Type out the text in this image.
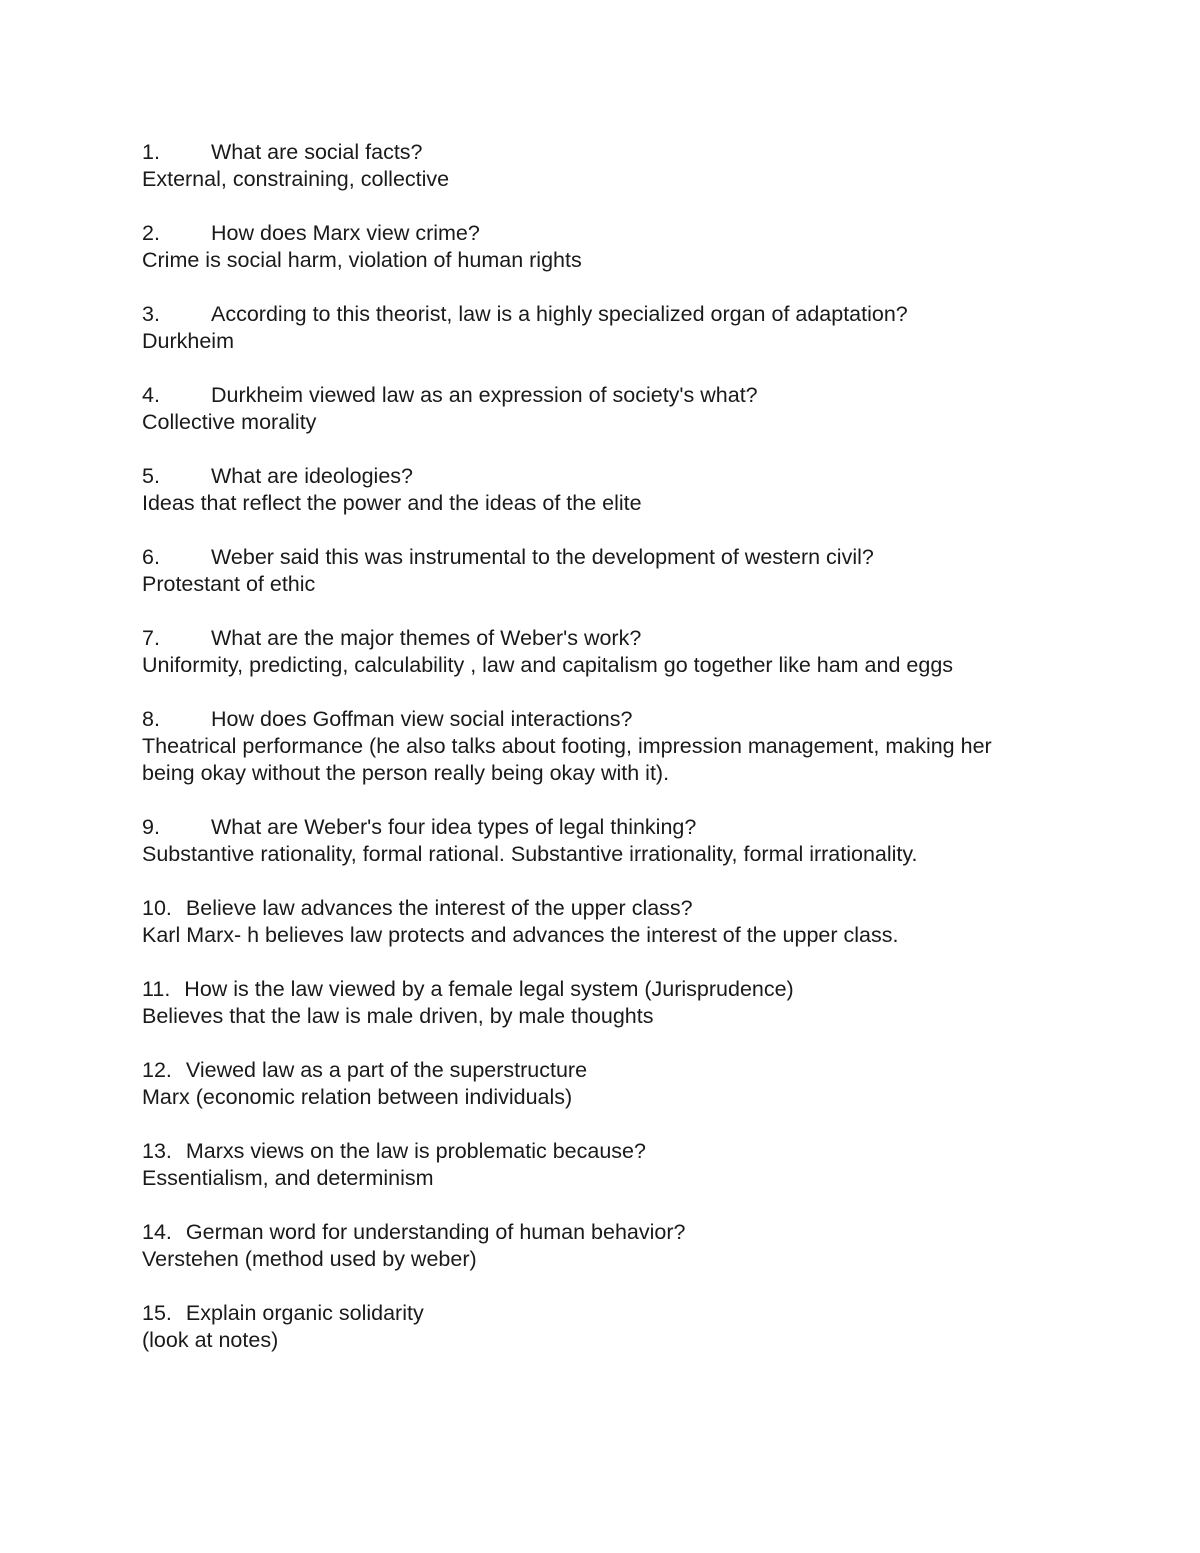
1. What are social facts?
External, constraining, collective
2. How does Marx view crime?
Crime is social harm, violation of human rights
3. According to this theorist, law is a highly specialized organ of adaptation?
Durkheim
4. Durkheim viewed law as an expression of society's what?
Collective morality
5. What are ideologies?
Ideas that reflect the power and the ideas of the elite
6. Weber said this was instrumental to the development of western civil?
Protestant of ethic
7. What are the major themes of Weber's work?
Uniformity, predicting, calculability , law and capitalism go together like ham and eggs
8. How does Goffman view social interactions?
Theatrical performance (he also talks about footing, impression management, making her being okay without the person really being okay with it).
9. What are Weber's four idea types of legal thinking?
Substantive rationality, formal rational. Substantive irrationality, formal irrationality.
10. Believe law advances the interest of the upper class?
Karl Marx- h believes law protects and advances the interest of the upper class.
11. How is the law viewed by a female legal system (Jurisprudence)
Believes that the law is male driven, by male thoughts
12. Viewed law as a part of the superstructure
Marx (economic relation between individuals)
13. Marxs views on the law is problematic because?
Essentialism, and determinism
14. German word for understanding of human behavior?
Verstehen (method used by weber)
15. Explain organic solidarity
(look at notes)
